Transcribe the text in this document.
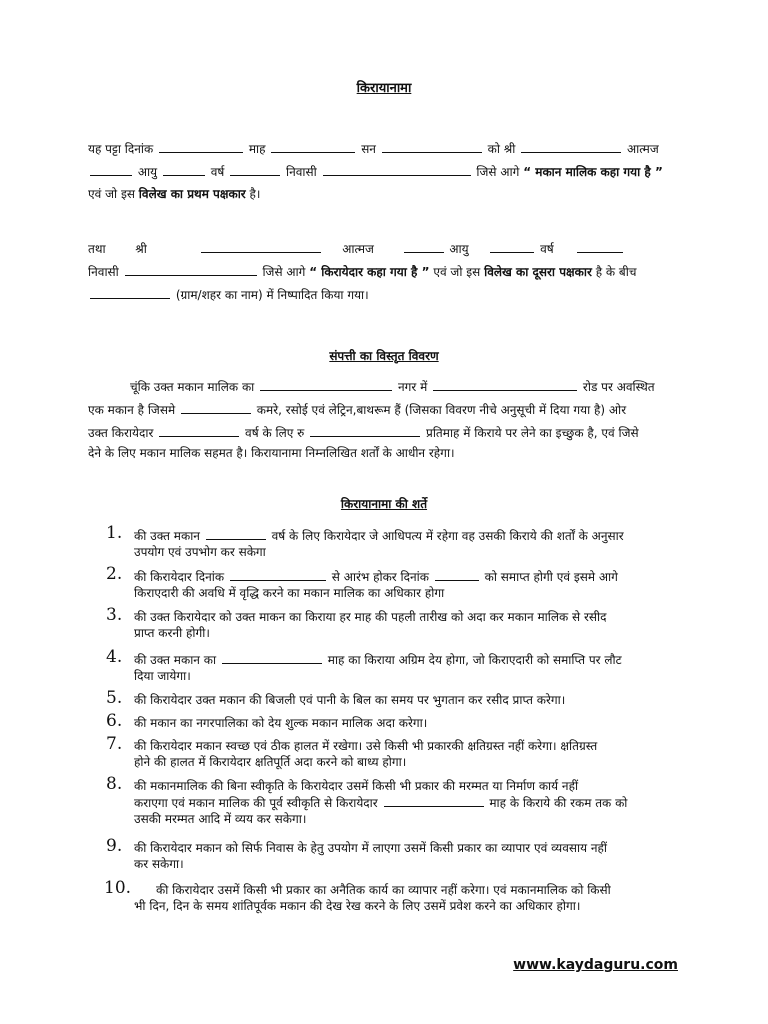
किरायानामा
यह पट्टा दिनांक	माह	सन	को श्री	आत्मज
आयु	वर्ष	निवासी	जिसे आगे “ मकान मालिक कहा गया है ”
एवं जो इस विलेख का प्रथम पक्षकार है।
तथा श्री	आत्मज	आयु	वर्ष
निवासी	जिसे आगे “ किरायेदार कहा गया है ” एवं जो इस विलेख का दूसरा पक्षकार है के बीच
(ग्राम/शहर का नाम) में निष्पादित किया गया।
संपत्ती का विस्तृत विवरण
चूंकि उक्त मकान मालिक का	नगर में	रोड पर अवस्थित
एक मकान है जिसमे	कमरे, रसोई एवं लेट्रिन,बाथरूम हैं (जिसका विवरण नीचे अनुसूची में दिया गया है) ओर
उक्त किरायेदार	वर्ष के लिए रु	प्रतिमाह में किराये पर लेने का इच्छुक है, एवं जिसे
देने के लिए मकान मालिक सहमत है। किरायानामा निम्नलिखित शर्तों के आधीन रहेगा।
किरायानामा की शर्ते
1. की उक्त मकान	वर्ष के लिए किरायेदार जे आधिपत्य में रहेगा वह उसकी किराये की शर्तों के अनुसार
उपयोग एवं उपभोग कर सकेगा
2. की किरायेदार दिनांक	से आरंभ होकर दिनांक	को समाप्त होगी एवं इसमे आगे
किराएदारी की अवधि में वृद्धि करने का मकान मालिक का अधिकार होगा
3. की उक्त किरायेदार को उक्त माकन का किराया हर माह की पहली तारीख को अदा कर मकान मालिक से रसीद
प्राप्त करनी होगी।
4. की उक्त मकान का	माह का किराया अग्रिम देय होगा, जो किराएदारी को समाप्ति पर लौट
दिया जायेगा।
5. की किरायेदार उक्त मकान की बिजली एवं पानी के बिल का समय पर भुगतान कर रसीद प्राप्त करेगा।
6. की मकान का नगरपालिका को देय शुल्क मकान मालिक अदा करेगा।
7. की किरायेदार मकान स्वच्छ एवं ठीक हालत में रखेगा। उसे किसी भी प्रकारकी क्षतिग्रस्त नहीं करेगा। क्षतिग्रस्त
होने की हालत में किरायेदार क्षतिपूर्ति अदा करने को बाध्य होगा।
8. की मकानमालिक की बिना स्वीकृति के किरायेदार उसमें किसी भी प्रकार की मरम्मत या निर्माण कार्य नहीं
कराएगा एवं मकान मालिक की पूर्व स्वीकृति से किरायेदार	माह के किराये की रकम तक को
उसकी मरम्मत आदि में व्यय कर सकेगा।
9. की किरायेदार मकान को सिर्फ निवास के हेतु उपयोग में लाएगा उसमें किसी प्रकार का व्यापार एवं व्यवसाय नहीं
कर सकेगा।
10.	की किरायेदार उसमें किसी भी प्रकार का अनैतिक कार्य का व्यापार नहीं करेगा। एवं मकानमालिक को किसी
भी दिन, दिन के समय शांतिपूर्वक मकान की देख रेख करने के लिए उसमें प्रवेश करने का अधिकार होगा।
www.kaydaguru.com
